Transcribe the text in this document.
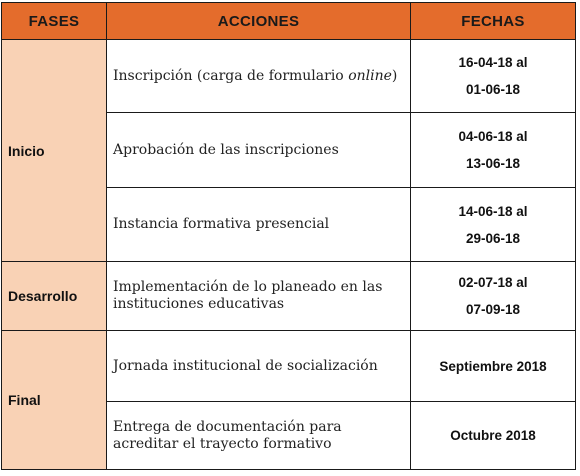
FASES	ACCIONES	FECHAS
Inicio	Inscripción (carga de formulario online)	16-04-18 al
01-06-18

	Aprobación de las inscripciones	04-06-18 al
13-06-18

	Instancia formativa presencial	14-06-18 al
29-06-18

Desarrollo	Implementación de lo planeado en las
instituciones educativas	02-07-18 al
07-09-18

Final	Jornada institucional de socialización	Septiembre 2018

	Entrega de documentación para
acreditar el trayecto formativo	Octubre 2018
